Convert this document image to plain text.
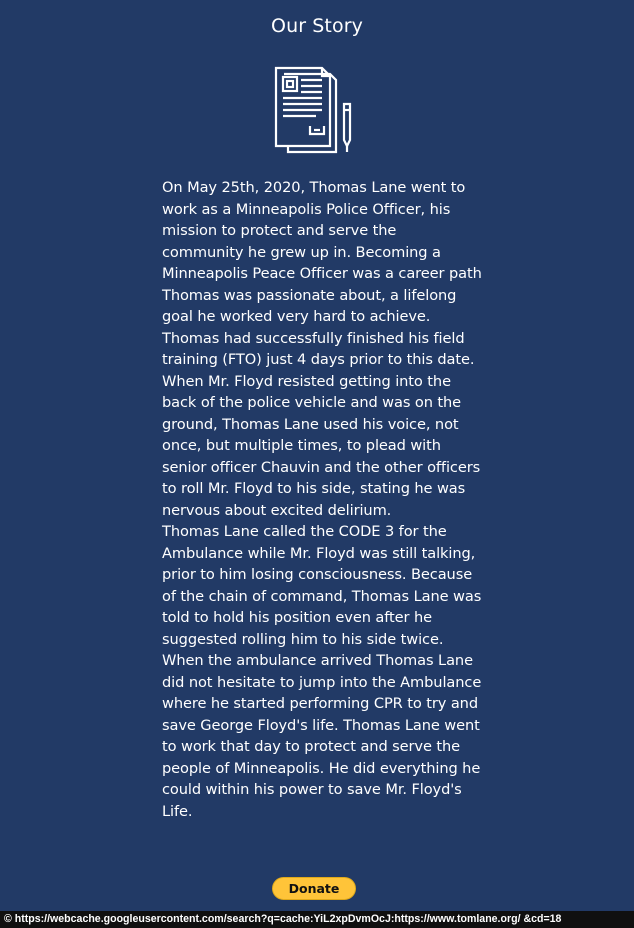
Our Story

On May 25th, 2020, Thomas Lane went to work as a Minneapolis Police Officer, his mission to protect and serve the community he grew up in. Becoming a Minneapolis Peace Officer was a career path Thomas was passionate about, a lifelong goal he worked very hard to achieve. Thomas had successfully finished his field training (FTO) just 4 days prior to this date. When Mr. Floyd resisted getting into the back of the police vehicle and was on the ground, Thomas Lane used his voice, not once, but multiple times, to plead with senior officer Chauvin and the other officers to roll Mr. Floyd to his side, stating he was nervous about excited delirium.

Thomas Lane called the CODE 3 for the Ambulance while Mr. Floyd was still talking, prior to him losing consciousness. Because of the chain of command, Thomas Lane was told to hold his position even after he suggested rolling him to his side twice. When the ambulance arrived Thomas Lane did not hesitate to jump into the Ambulance where he started performing CPR to try and save George Floyd's life. Thomas Lane went to work that day to protect and serve the people of Minneapolis. He did everything he could within his power to save Mr. Floyd's Life.

Donate
© https://webcache.googleusercontent.com/search?q=cache:YiL2xpDvmOcJ:https://www.tomlane.org/ &cd=18
